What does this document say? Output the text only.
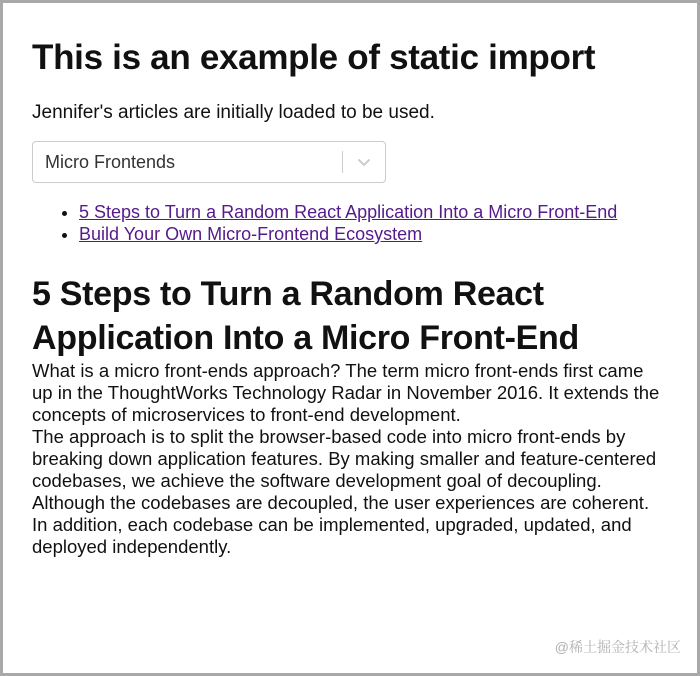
This is an example of static import

Jennifer's articles are initially loaded to be used.

Micro Frontends
• 5 Steps to Turn a Random React Application Into a Micro Front-End
• Build Your Own Micro-Frontend Ecosystem
5 Steps to Turn a Random React Application Into a Micro Front-End

What is a micro front-ends approach? The term micro front-ends first came up in the ThoughtWorks Technology Radar in November 2016. It extends the concepts of microservices to front-end development.

The approach is to split the browser-based code into micro front-ends by breaking down application features. By making smaller and feature-centered codebases, we achieve the software development goal of decoupling.

Although the codebases are decoupled, the user experiences are coherent. In addition, each codebase can be implemented, upgraded, updated, and deployed independently.

@稀土掘金技术社区
